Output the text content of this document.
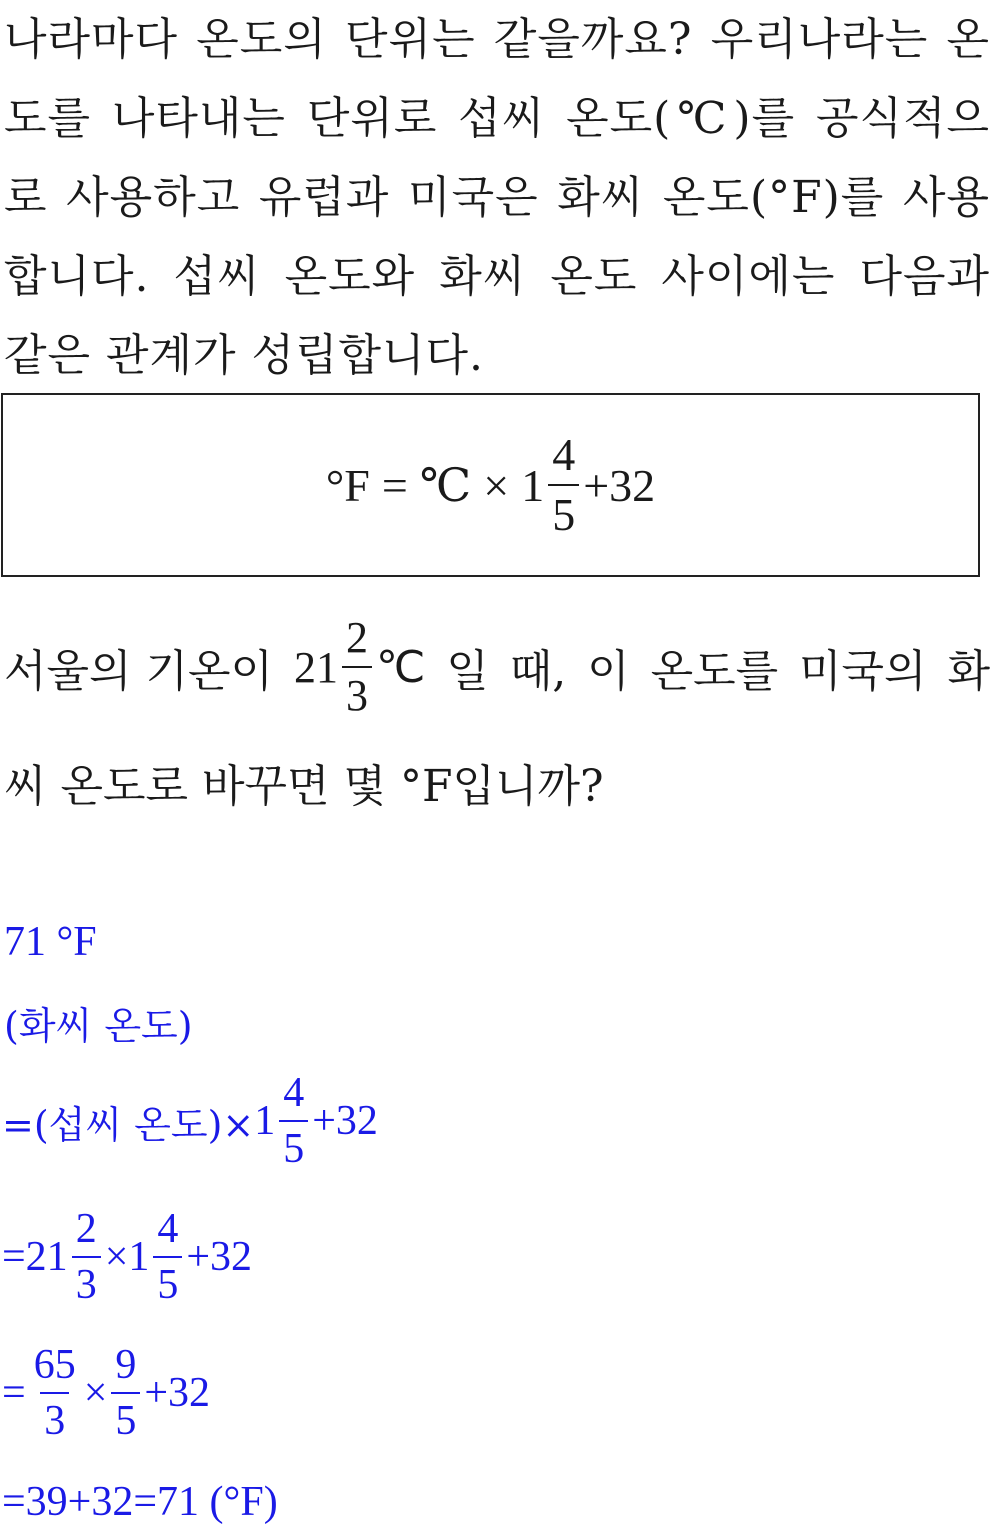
나라마다 온도의 단위는 같을까요? 우리나라는 온도를 나타내는 단위로 섭씨 온도(℃)를 공식적으로 사용하고 유럽과 미국은 화씨 온도(°F)를 사용합니다. 섭씨 온도와 화씨 온도 사이에는 다음과 같은 관계가 성립합니다.

°F = ℃ × $1 \frac{4}{5} +32$
서울의 기온이 $21 \frac{2}{3}$ ℃ 일 때, 이 온도를 미국의 화

씨 온도로 바꾸면 몇 °F입니까?

71 °F

(화씨 온도)

=(섭씨 온도)× $1 \frac{4}{5} +32$
$=21 \frac{2}{3} \times 1 \frac{4}{5} +32$
= $\frac{65}{3} \times \frac{9}{5} +32$
=39+32=71 (°F)
